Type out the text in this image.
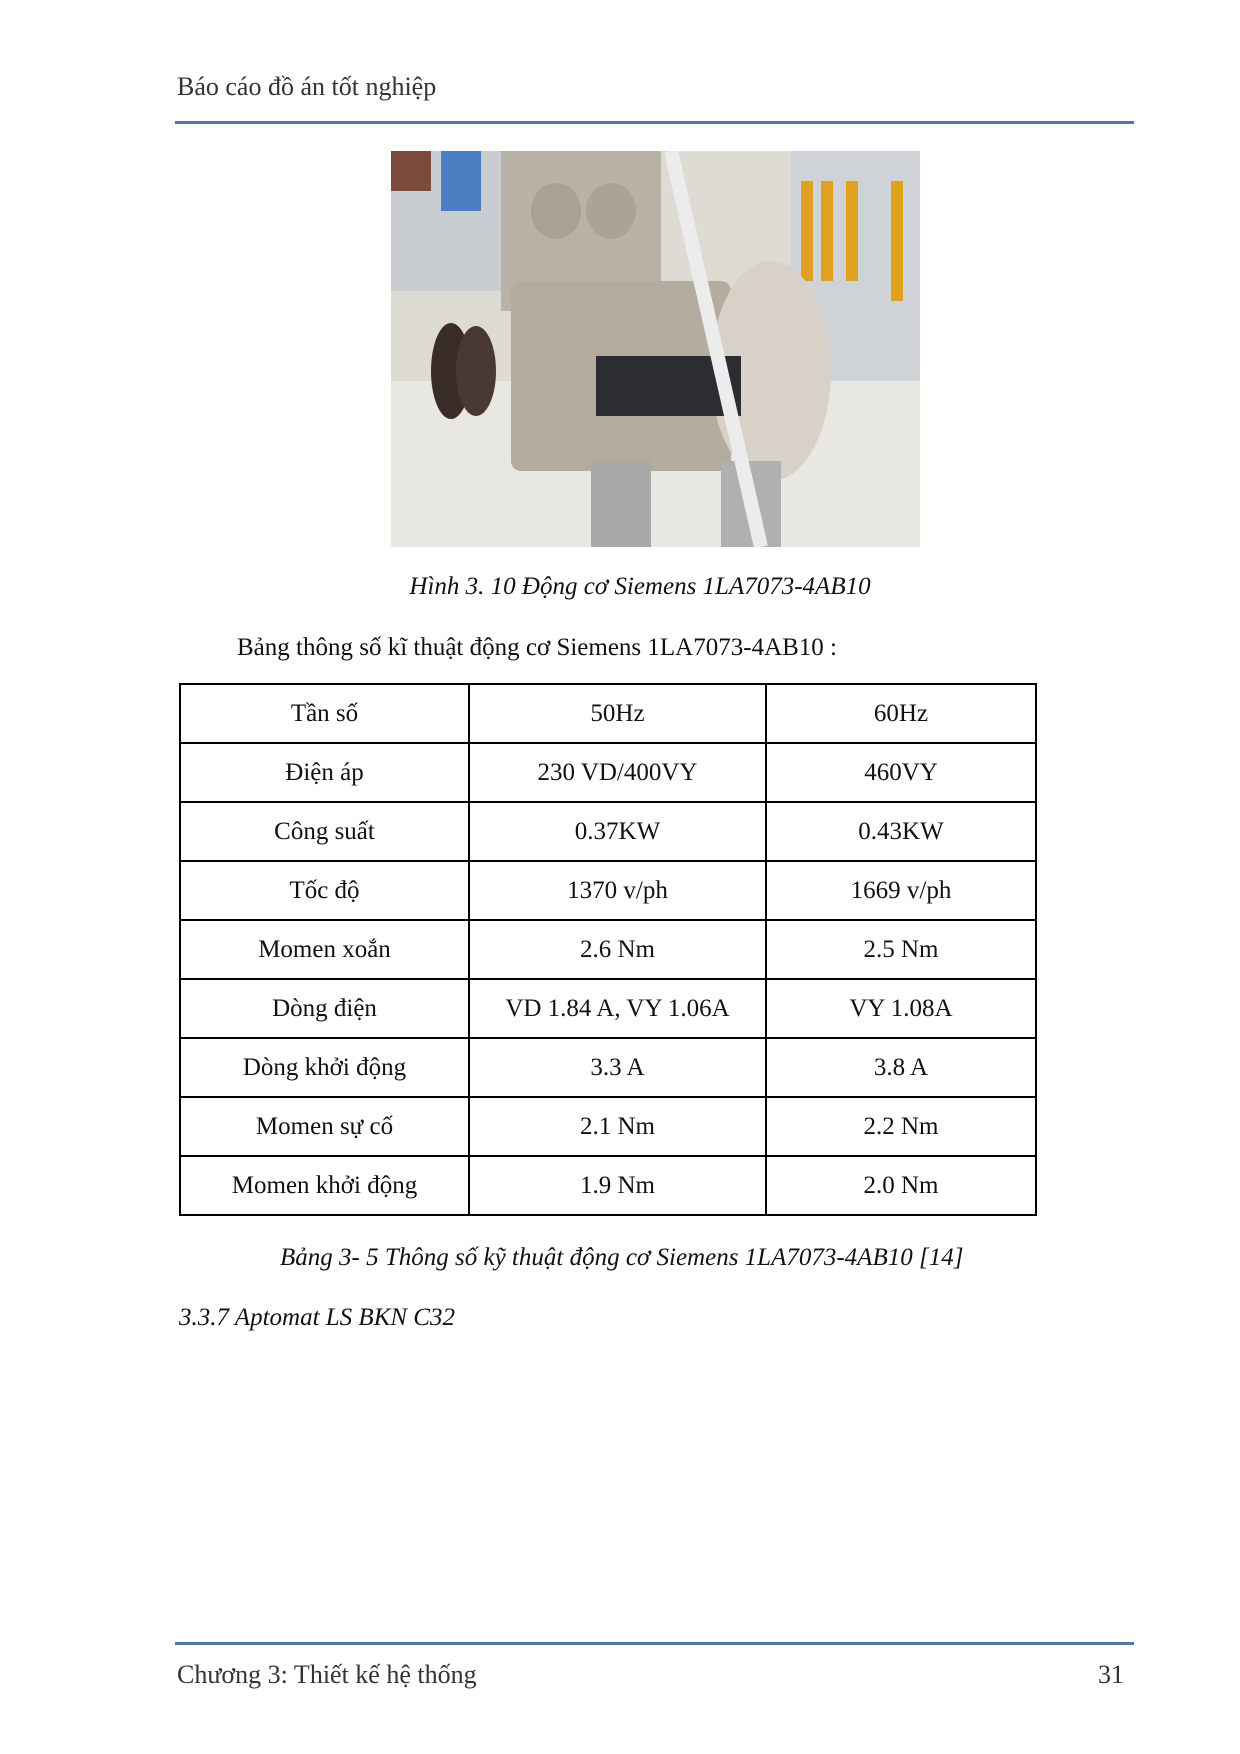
Báo cáo đồ án tốt nghiệp
Hình 3. 10 Động cơ Siemens 1LA7073-4AB10
Bảng thông số kĩ thuật động cơ Siemens 1LA7073-4AB10 :
Tần số	50Hz	60Hz
Điện áp	230 VD/400VY	460VY
Công suất	0.37KW	0.43KW
Tốc độ	1370 v/ph	1669 v/ph
Momen xoắn	2.6 Nm	2.5 Nm
Dòng điện	VD 1.84 A, VY 1.06A	VY 1.08A
Dòng khởi động	3.3 A	3.8 A
Momen sự cố	2.1 Nm	2.2 Nm
Momen khởi động	1.9 Nm	2.0 Nm
Bảng 3- 5 Thông số kỹ thuật động cơ Siemens 1LA7073-4AB10 [14]
3.3.7 Aptomat LS BKN C32
Chương 3: Thiết kế hệ thống	31
